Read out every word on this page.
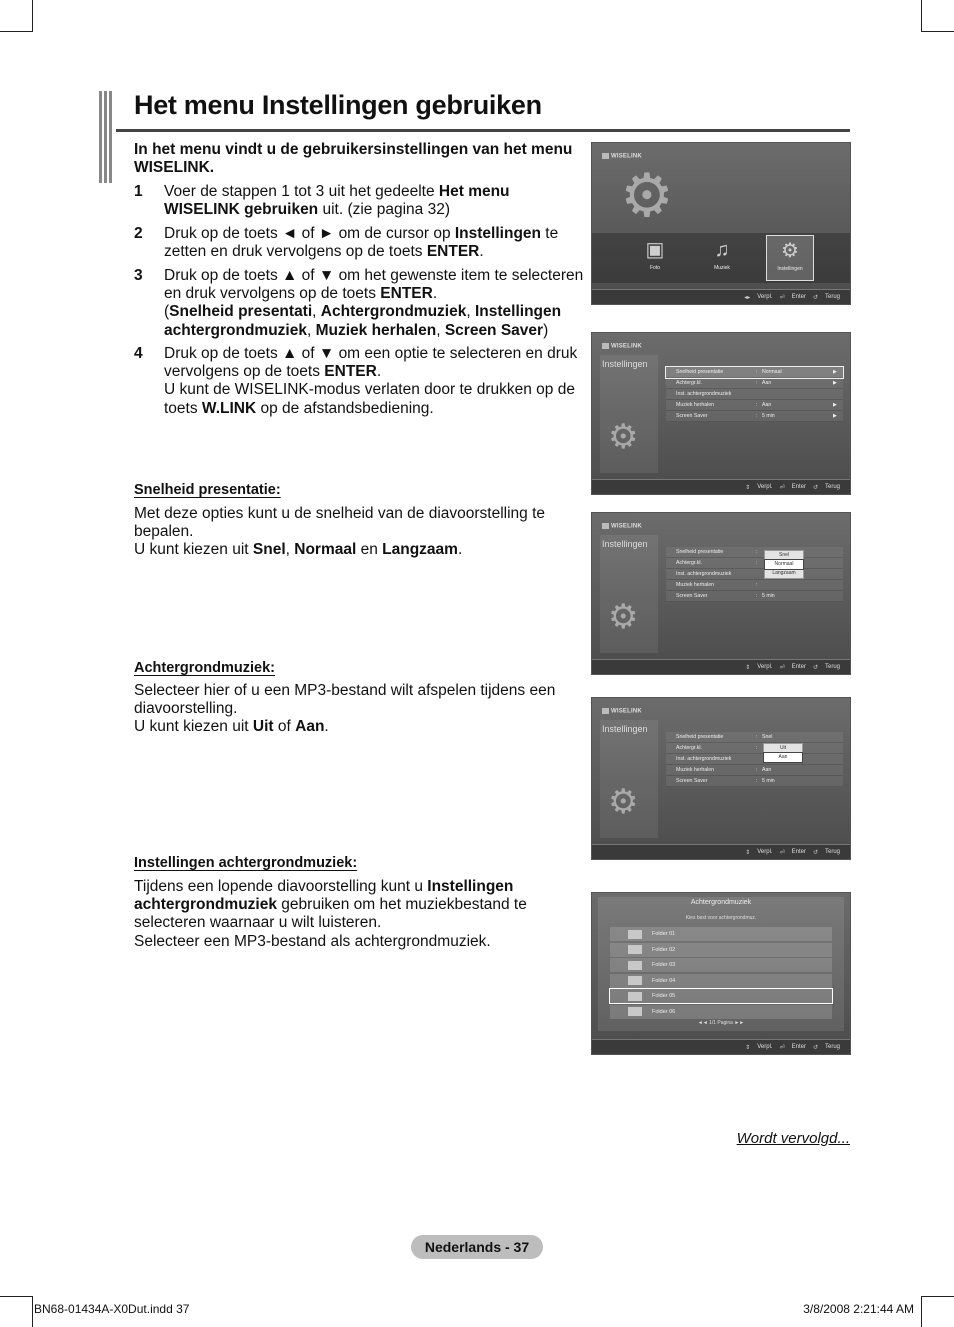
Het menu Instellingen gebruiken
In het menu vindt u de gebruikersinstellingen van het menu WISELINK.
1 Voer de stappen 1 tot 3 uit het gedeelte Het menu WISELINK gebruiken uit. (zie pagina 32)
2 Druk op de toets ◄ of ► om de cursor op Instellingen te zetten en druk vervolgens op de toets ENTER.
3 Druk op de toets ▲ of ▼ om het gewenste item te selecteren en druk vervolgens op de toets ENTER.
(Snelheid presentati, Achtergrondmuziek, Instellingen achtergrondmuziek, Muziek herhalen, Screen Saver)
4 Druk op de toets ▲ of ▼ om een optie te selecteren en druk vervolgens op de toets ENTER.
U kunt de WISELINK-modus verlaten door te drukken op de toets W.LINK op de afstandsbediening.
Snelheid presentatie:
Met deze opties kunt u de snelheid van de diavoorstelling te bepalen.
U kunt kiezen uit Snel, Normaal en Langzaam.
Achtergrondmuziek:
Selecteer hier of u een MP3-bestand wilt afspelen tijdens een diavoorstelling.
U kunt kiezen uit Uit of Aan.
Instellingen achtergrondmuziek:
Tijdens een lopende diavoorstelling kunt u Instellingen achtergrondmuziek gebruiken om het muziekbestand te selecteren waarnaar u wilt luisteren.
Selecteer een MP3-bestand als achtergrondmuziek.
WISELINK
⚙
▣
Foto
♫
Muziek
⚙
Instellingen
◂▸ Verpl. ⏎ Enter ↺ Terug
WISELINK
Instellingen
⚙
Snelheid presentatie	: Normaal	▶
Achtergr.kl.	: Aan	▶
Inst. achtergrondmuziek
Muziek herhalen	: Aan	▶
Screen Saver	: 5 min	▶
⇕ Verpl. ⏎ Enter ↺ Terug
WISELINK
Instellingen
⚙
Snelheid presentatie	:
Achtergr.kl.	:
Inst. achtergrondmuziek
Muziek herhalen	:
Screen Saver	: 5 min
Snel
Normaal
Langzaam
⇕ Verpl. ⏎ Enter ↺ Terug
WISELINK
Instellingen
⚙
Snelheid presentatie	: Snel
Achtergr.kl.	:
Inst. achtergrondmuziek
Muziek herhalen	: Aan
Screen Saver	: 5 min
Uit
Aan
⇕ Verpl. ⏎ Enter ↺ Terug
Achtergrondmuziek
Kies best voor achtergrondmuz.
Folder 01
Folder 02
Folder 03
Folder 04
Folder 05
Folder 06
◄◄ 1/1 Pagina ►►
⇕ Verpl. ⏎ Enter ↺ Terug
Wordt vervolgd...
Nederlands - 37
BN68-01434A-X0Dut.indd 37	3/8/2008 2:21:44 AM
